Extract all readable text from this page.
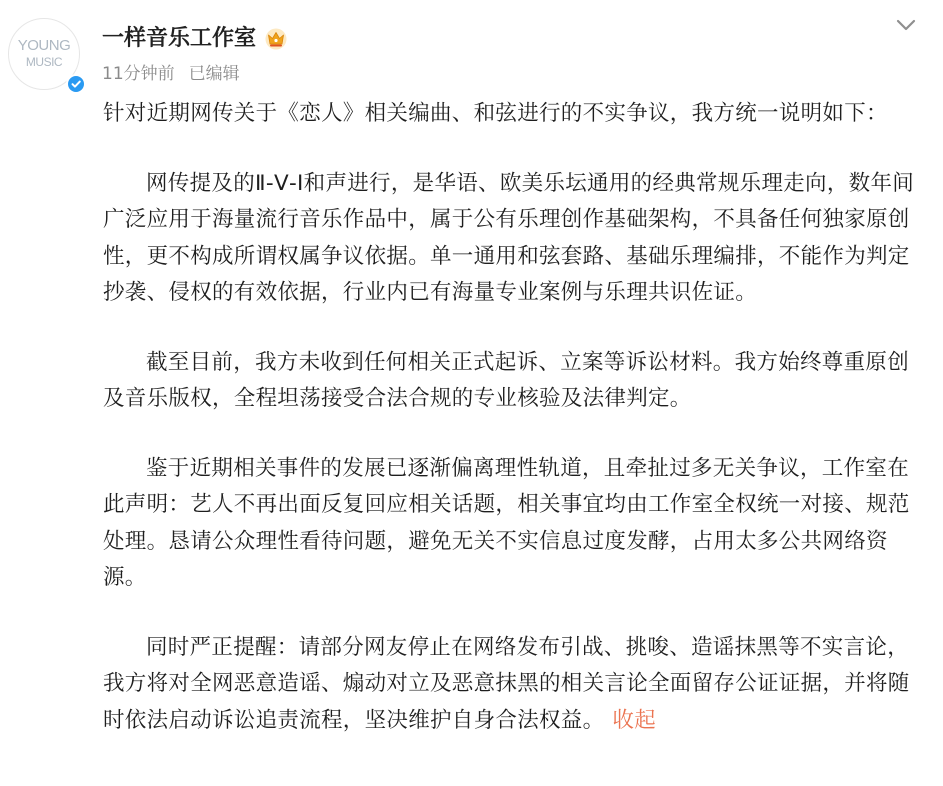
YOUNG
MUSIC
一样音乐工作室
11分钟前 已编辑

针对近期网传关于《恋人》相关编曲、和弦进行的不实争议，我方统一说明如下：

网传提及的Ⅱ-Ⅴ-Ⅰ和声进行，是华语、欧美乐坛通用的经典常规乐理走向，数年间广泛应用于海量流行音乐作品中，属于公有乐理创作基础架构，不具备任何独家原创性，更不构成所谓权属争议依据。单一通用和弦套路、基础乐理编排，不能作为判定抄袭、侵权的有效依据，行业内已有海量专业案例与乐理共识佐证。

截至目前，我方未收到任何相关正式起诉、立案等诉讼材料。我方始终尊重原创及音乐版权，全程坦荡接受合法合规的专业核验及法律判定。

鉴于近期相关事件的发展已逐渐偏离理性轨道，且牵扯过多无关争议，工作室在此声明：艺人不再出面反复回应相关话题，相关事宜均由工作室全权统一对接、规范处理。恳请公众理性看待问题，避免无关不实信息过度发酵，占用太多公共网络资源。

同时严正提醒：请部分网友停止在网络发布引战、挑唆、造谣抹黑等不实言论，我方将对全网恶意造谣、煽动对立及恶意抹黑的相关言论全面留存公证证据，并将随时依法启动诉讼追责流程，坚决维护自身合法权益。 收起
